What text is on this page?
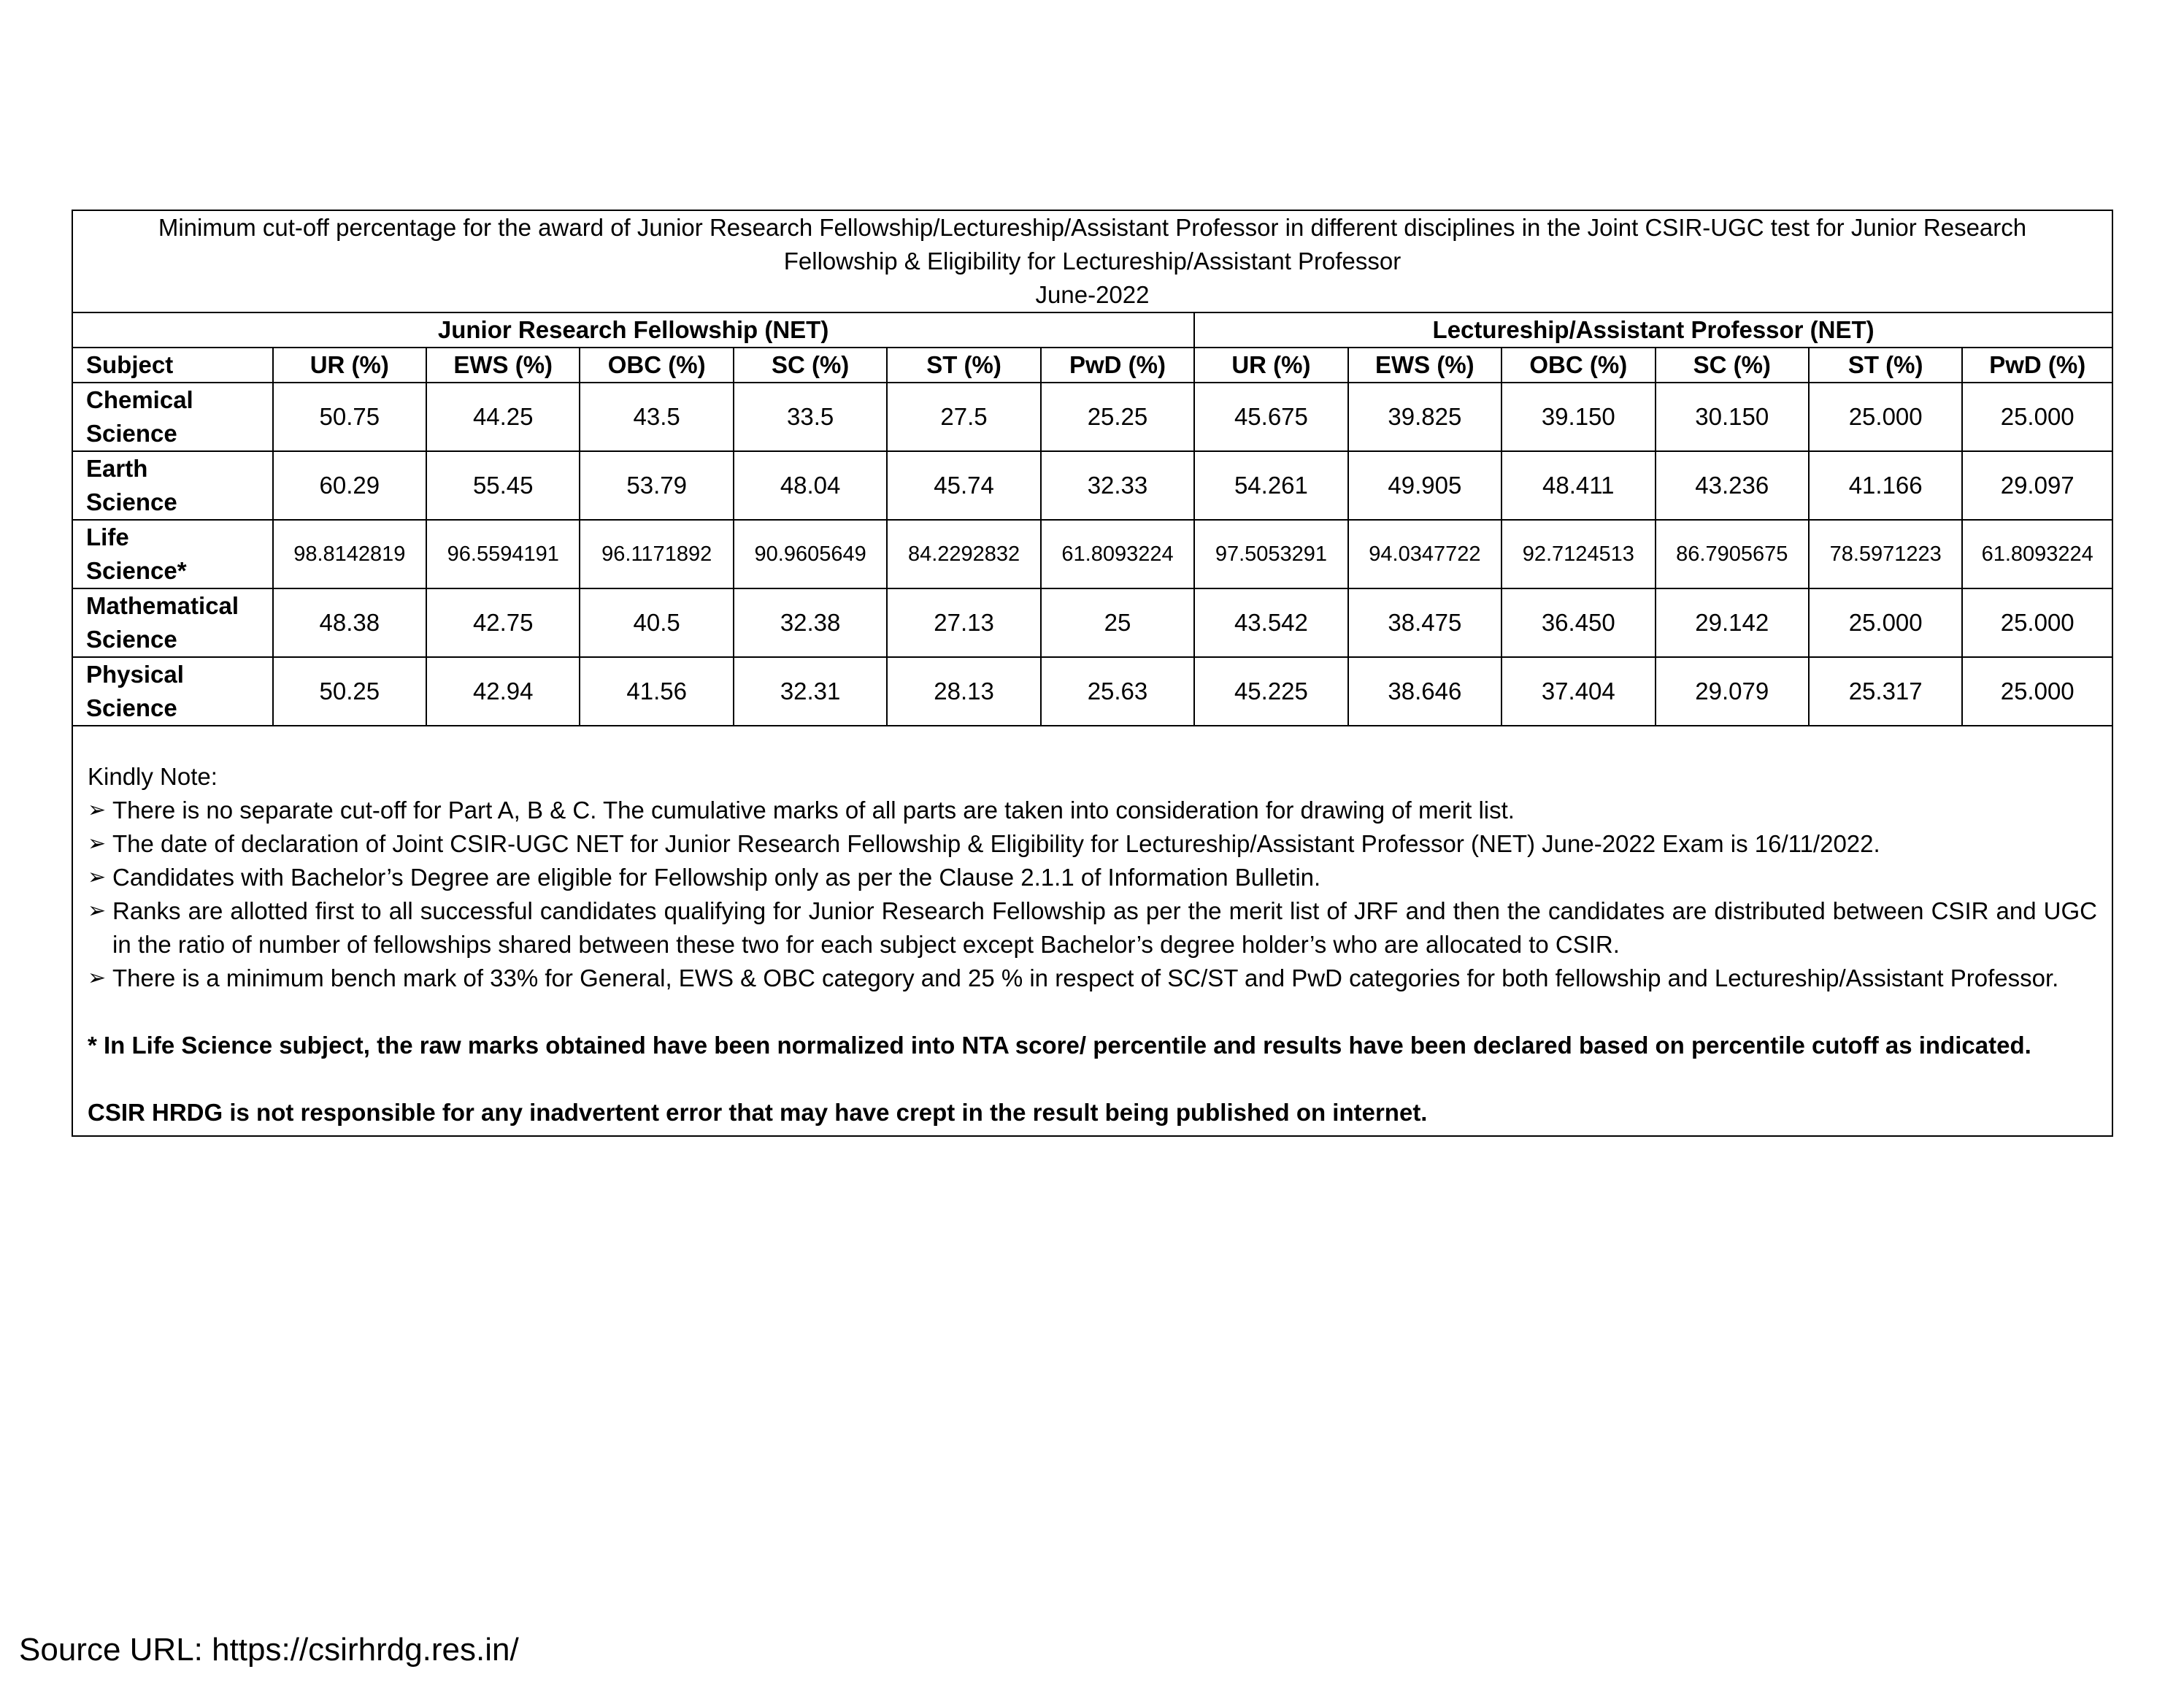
Minimum cut-off percentage for the award of Junior Research Fellowship/Lectureship/Assistant Professor in different disciplines in the Joint CSIR-UGC test for Junior Research
Fellowship & Eligibility for Lectureship/Assistant Professor
June-2022												

Junior Research Fellowship (NET)							Lectureship/Assistant Professor (NET)					
Subject	UR (%)	EWS (%)	OBC (%)	SC (%)	ST (%)	PwD (%)	UR (%)	EWS (%)	OBC (%)	SC (%)	ST (%)	PwD (%)
Chemical
Science	50.75	44.25	43.5	33.5	27.5	25.25	45.675	39.825	39.150	30.150	25.000	25.000
Earth
Science	60.29	55.45	53.79	48.04	45.74	32.33	54.261	49.905	48.411	43.236	41.166	29.097
Life
Science*	98.8142819	96.5594191	96.1171892	90.9605649	84.2292832	61.8093224	97.5053291	94.0347722	92.7124513	86.7905675	78.5971223	61.8093224
Mathematical
Science	48.38	42.75	40.5	32.38	27.13	25	43.542	38.475	36.450	29.142	25.000	25.000
Physical
Science	50.25	42.94	41.56	32.31	28.13	25.63	45.225	38.646	37.404	29.079	25.317	25.000
Kindly Note:
➢ There is no separate cut-off for Part A, B & C. The cumulative marks of all parts are taken into consideration for drawing of merit list.
➢ The date of declaration of Joint CSIR-UGC NET for Junior Research Fellowship & Eligibility for Lectureship/Assistant Professor (NET) June-2022 Exam is 16/11/2022.
➢ Candidates with Bachelor’s Degree are eligible for Fellowship only as per the Clause 2.1.1 of Information Bulletin.
➢ Ranks are allotted first to all successful candidates qualifying for Junior Research Fellowship as per the merit list of JRF and then the candidates are distributed between CSIR and UGC in the ratio of number of fellowships shared between these two for each subject except Bachelor’s degree holder’s who are allocated to CSIR.
➢ There is a minimum bench mark of 33% for General, EWS & OBC category and 25 % in respect of SC/ST and PwD categories for both fellowship and Lectureship/Assistant Professor.
* In Life Science subject, the raw marks obtained have been normalized into NTA score/ percentile and results have been declared based on percentile cutoff as indicated.
CSIR HRDG is not responsible for any inadvertent error that may have crept in the result being published on internet.
Source URL: https://csirhrdg.res.in/
